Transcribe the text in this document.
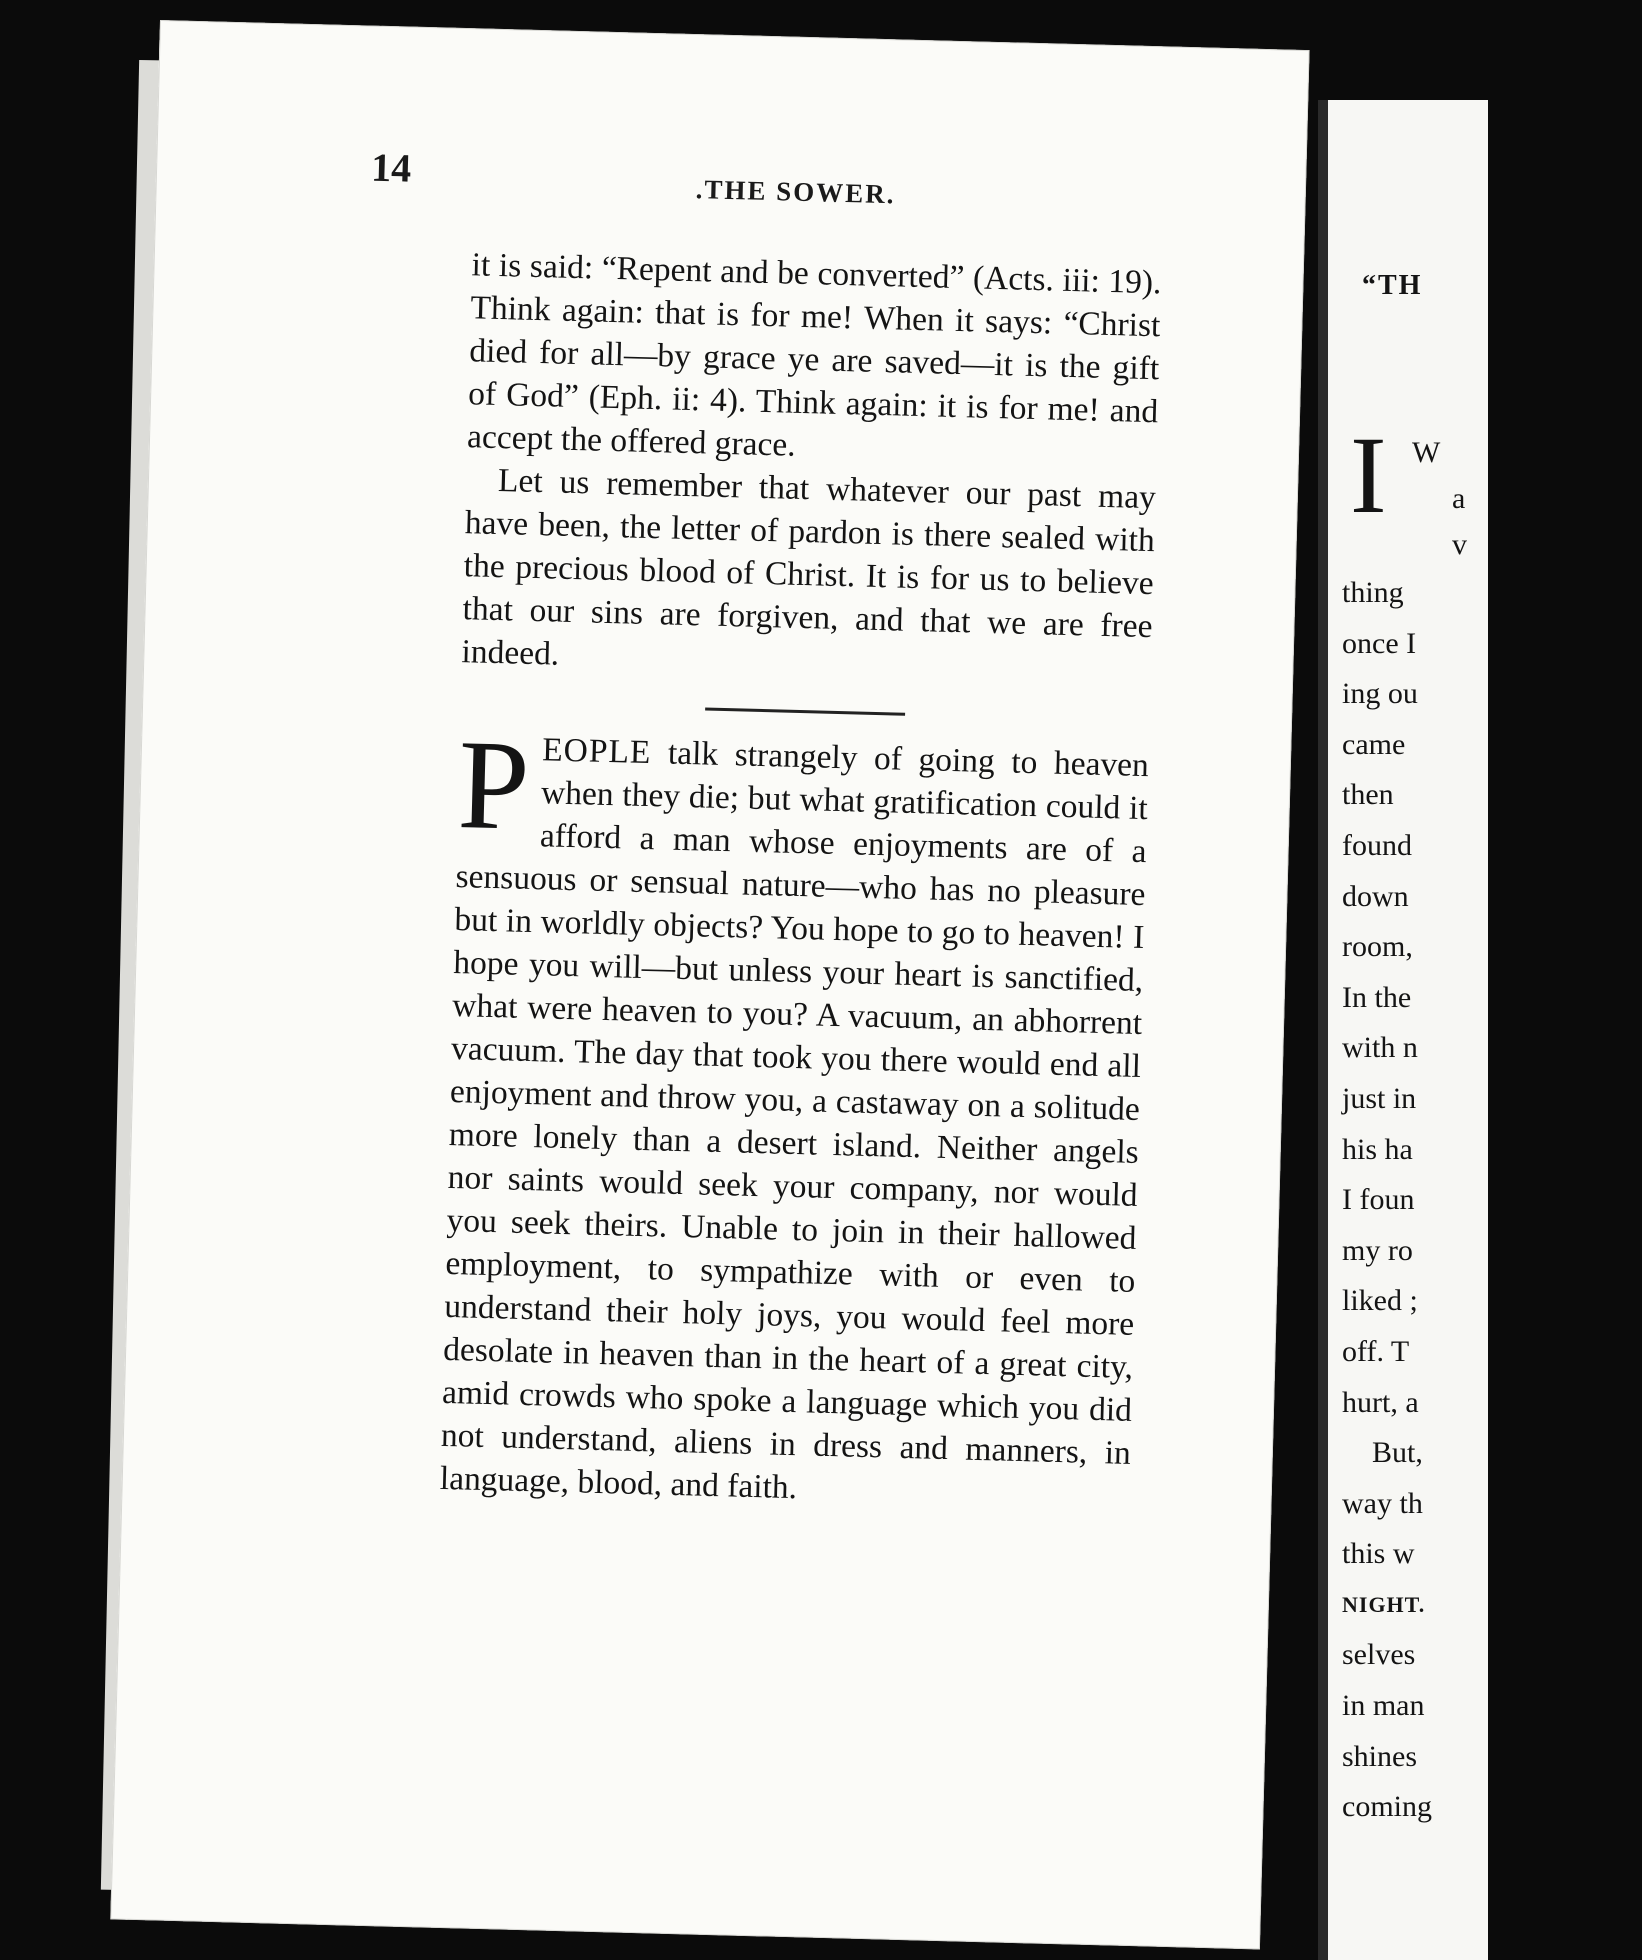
14
.THE SOWER.

it is said: “Repent and be converted” (Acts. iii: 19). Think again: that is for me! When it says: “Christ died for all—by grace ye are saved—it is the gift of God” (Eph. ii: 4). Think again: it is for me! and accept the offered grace.

Let us remember that whatever our past may have been, the letter of pardon is there sealed with the precious blood of Christ. It is for us to believe that our sins are forgiven, and that we are free indeed.

PEOPLE talk strangely of going to heaven when they die; but what gratification could it afford a man whose enjoyments are of a sensuous or sensual nature—who has no pleasure but in worldly objects? You hope to go to heaven! I hope you will—but unless your heart is sanctified, what were heaven to you? A vacuum, an abhorrent vacuum. The day that took you there would end all enjoyment and throw you, a castaway on a solitude more lonely than a desert island. Neither angels nor saints would seek your company, nor would you seek theirs. Unable to join in their hallowed employment, to sympathize with or even to understand their holy joys, you would feel more desolate in heaven than in the heart of a great city, amid crowds who spoke a language which you did not understand, aliens in dress and manners, in language, blood, and faith.

“TH
I W
a
v
thing
once I
ing ou
came
then
found
down
room,
In the
with n
just in
his ha
I foun
my ro
liked ;
off. T
hurt, a
But,
way th
this w
NIGHT.
selves
in man
shines
coming
